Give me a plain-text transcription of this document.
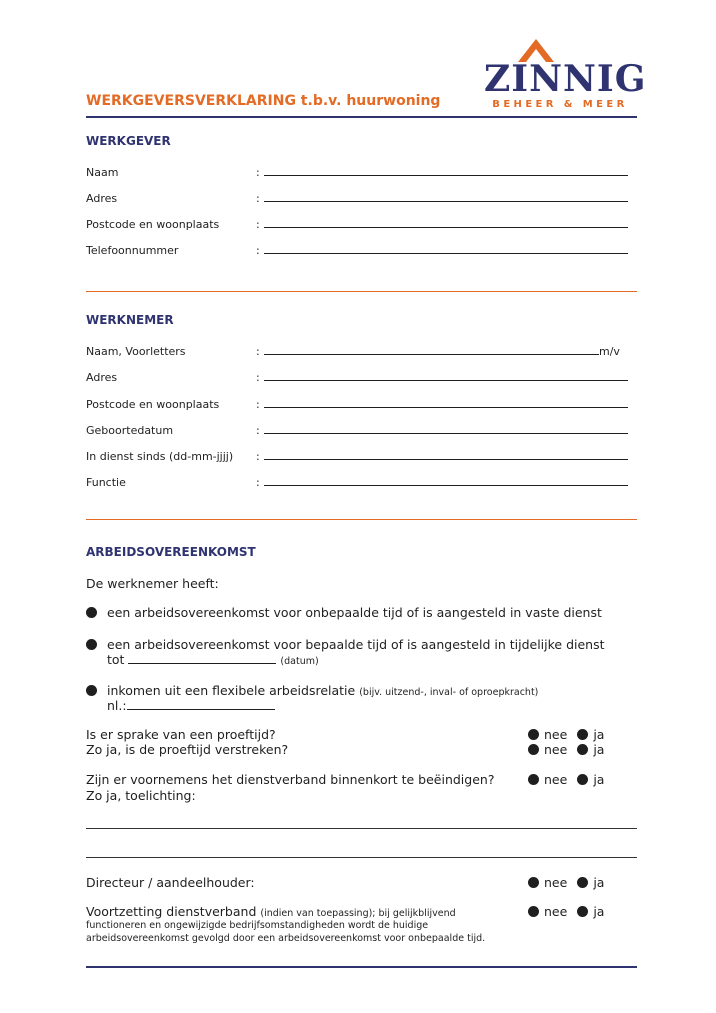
ZINNIG
BEHEER & MEER
WERKGEVERSVERKLARING t.b.v. huurwoning
WERKGEVER
Naam	:
Adres	:
Postcode en woonplaats	:
Telefoonnummer	:
WERKNEMER
Naam, Voorletters	:	m/v
Adres	:
Postcode en woonplaats	:
Geboortedatum	:
In dienst sinds (dd-mm-jjjj) :
Functie	:
ARBEIDSOVEREENKOMST
De werknemer heeft:
een arbeidsovereenkomst voor onbepaalde tijd of is aangesteld in vaste dienst
een arbeidsovereenkomst voor bepaalde tijd of is aangesteld in tijdelijke dienst
tot	(datum)
inkomen uit een flexibele arbeidsrelatie (bijv. uitzend-, inval- of oproepkracht)
nl.:
Is er sprake van een proeftijd?	nee ja
Zo ja, is de proeftijd verstreken?	nee ja
Zijn er voornemens het dienstverband binnenkort te beëindigen?	nee ja
Zo ja, toelichting:
Directeur / aandeelhouder:	nee ja
Voortzetting dienstverband (indien van toepassing); bij gelijkblijvend	nee ja
functioneren en ongewijzigde bedrijfsomstandigheden wordt de huidige
arbeidsovereenkomst gevolgd door een arbeidsovereenkomst voor onbepaalde tijd.
